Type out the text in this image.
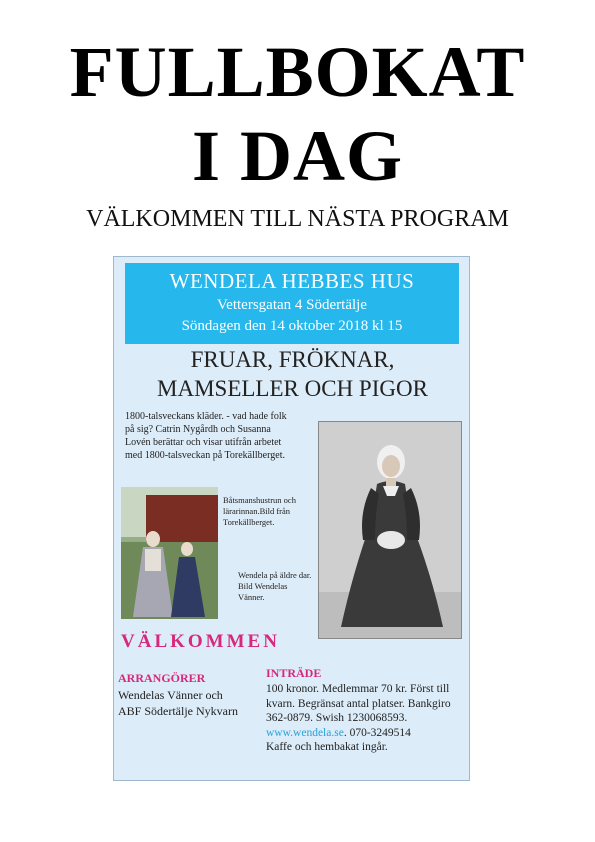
FULLBOKAT
I DAG
VÄLKOMMEN TILL NÄSTA PROGRAM
WENDELA HEBBES HUS
Vettersgatan 4 Södertälje
Söndagen den 14 oktober 2018 kl 15
FRUAR, FRÖKNAR,
MAMSELLER OCH PIGOR
1800-talsveckans kläder. - vad hade folk på sig? Catrin Nygårdh och Susanna Lovén berättar och visar utifrån arbetet med 1800-talsveckan på Torekällberget.
Båtsmanshustrun och lärarinnan.Bild från Torekällberget.
Wendela på äldre dar. Bild Wendelas Vänner.
VÄLKOMMEN
ARRANGÖRER
Wendelas Vänner och
ABF Södertälje Nykvarn
INTRÄDE
100 kronor. Medlemmar 70 kr. Först till kvarn. Begränsat antal platser. Bankgiro 362-0879. Swish 1230068593.
www.wendela.se. 070-3249514
Kaffe och hembakat ingår.
